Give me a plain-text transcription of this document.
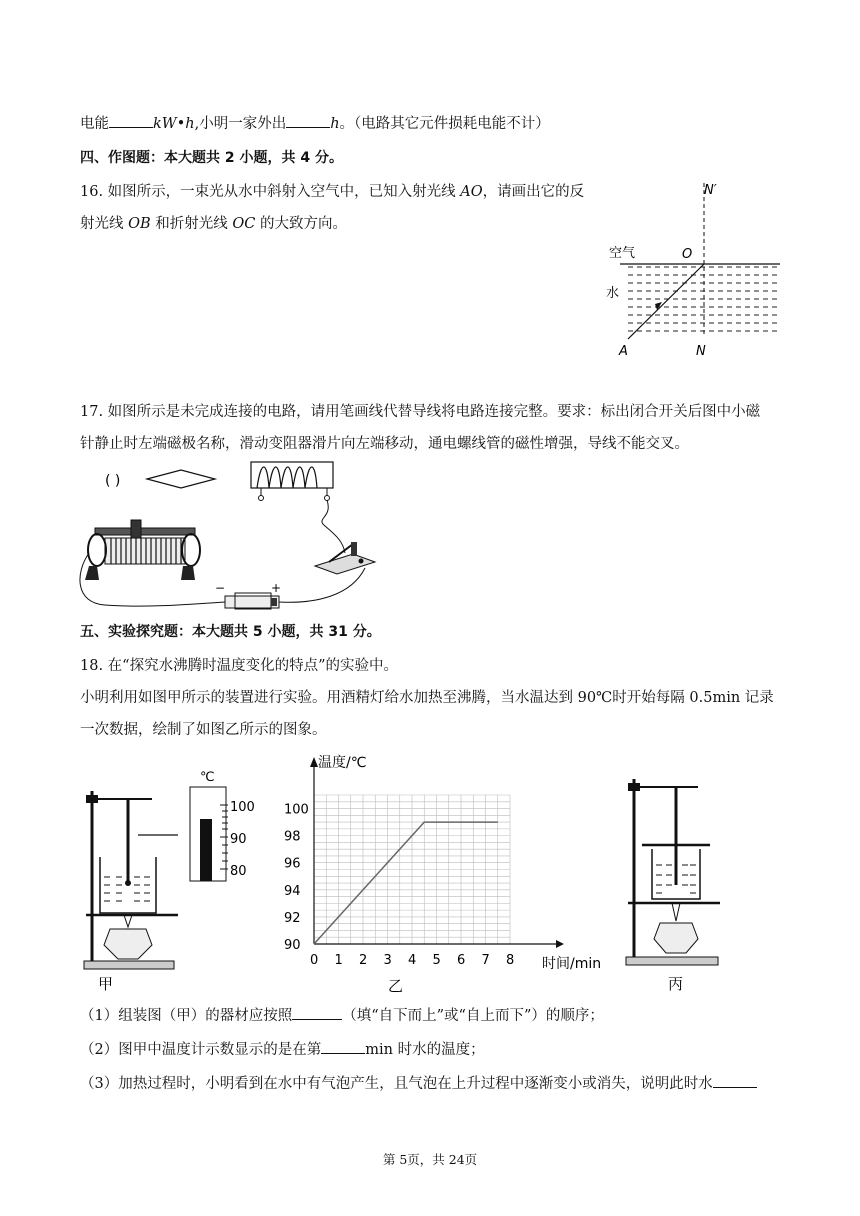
电能	kW•h,小明一家外出	h。（电路其它元件损耗电能不计）
四、作图题：本大题共 2 小题，共 4 分。
16. 如图所示，一束光从水中斜射入空气中，已知入射光线 AO，请画出它的反
射光线 OB 和折射光线 OC 的大致方向。
N′
空气	O
水
A	N
17. 如图所示是未完成连接的电路，请用笔画线代替导线将电路连接完整。要求：标出闭合开关后图中小磁
针静止时左端磁极名称，滑动变阻器滑片向左端移动，通电螺线管的磁性增强，导线不能交叉。
( )
−	+
五、实验探究题：本大题共 5 小题，共 31 分。
18. 在“探究水沸腾时温度变化的特点”的实验中。
小明利用如图甲所示的装置进行实验。用酒精灯给水加热至沸腾，当水温达到 90℃时开始每隔 0.5min 记录
一次数据，绘制了如图乙所示的图象。
℃
100
90
80
甲
0 1 2 3 4 5 6 7 8
90
92
94
96
98
100
温度/℃
时间/min
乙	丙
（1）组装图（甲）的器材应按照	（填“自下而上”或“自上而下”）的顺序；
（2）图甲中温度计示数显示的是在第	min 时水的温度；
（3）加热过程时，小明看到在水中有气泡产生，且气泡在上升过程中逐渐变小或消失，说明此时水
第 5页，共 24页
